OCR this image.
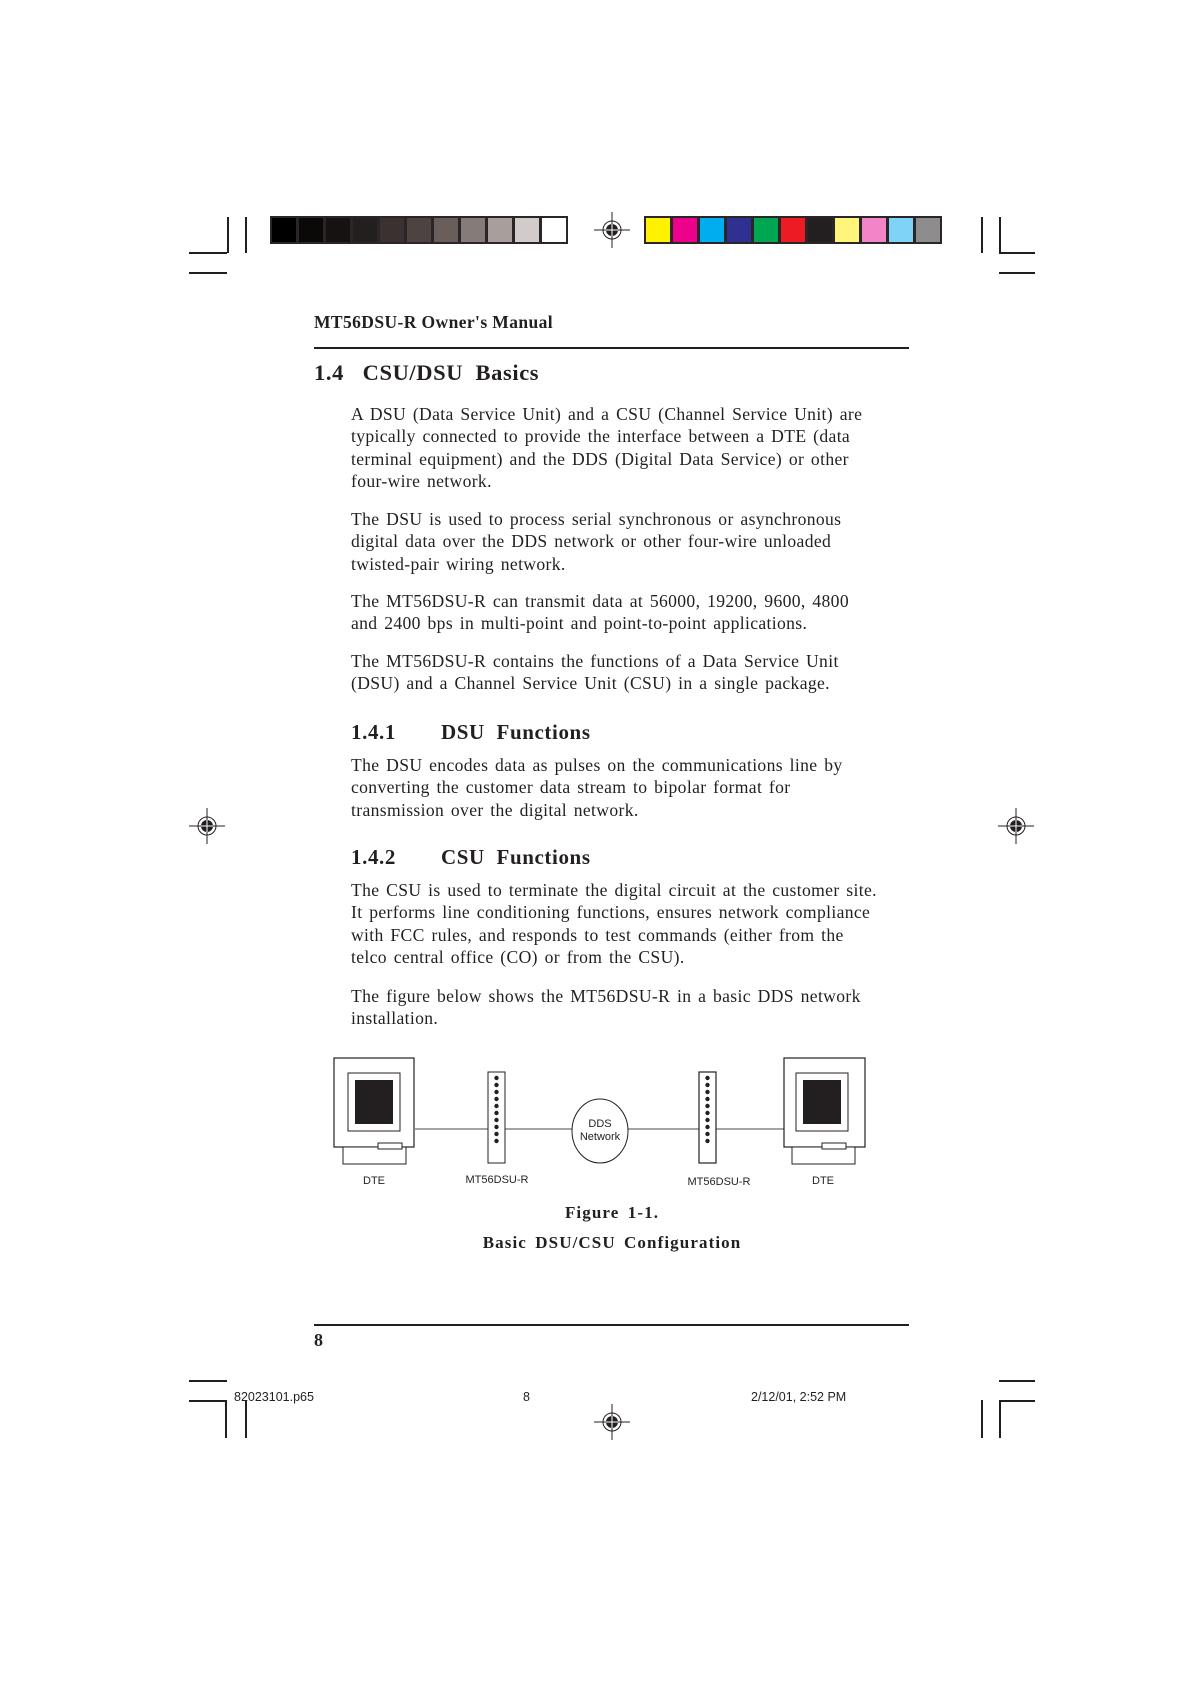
MT56DSU-R Owner's Manual
1.4 CSU/DSU  Basics
A DSU (Data Service Unit) and a CSU (Channel Service Unit) are
typically connected to provide the interface between a DTE (data
terminal equipment) and the DDS (Digital Data Service) or other
four-wire network.
The DSU is used to process serial synchronous or asynchronous
digital data over the DDS network or other four-wire unloaded
twisted-pair wiring network.
The MT56DSU-R can transmit data at 56000, 19200, 9600, 4800
and 2400 bps in multi-point and point-to-point applications.
The MT56DSU-R contains the functions of a Data Service Unit
(DSU) and a Channel Service Unit (CSU) in a single package.
1.4.1 DSU  Functions
The DSU encodes data as pulses on the communications line by
converting the customer data stream to bipolar format for
transmission over the digital network.
1.4.2 CSU  Functions
The CSU is used to terminate the digital circuit at the customer site.
It performs line conditioning functions, ensures network compliance
with FCC rules, and responds to test commands (either from the
telco central office (CO) or from the CSU).
The figure below shows the MT56DSU-R in a basic DDS network
installation.
DDS
Network
DTE	MT56DSU-R	MT56DSU-R	DTE
Figure 1-1.
Basic DSU/CSU Configuration
8
82023101.p65	8	2/12/01, 2:52 PM
